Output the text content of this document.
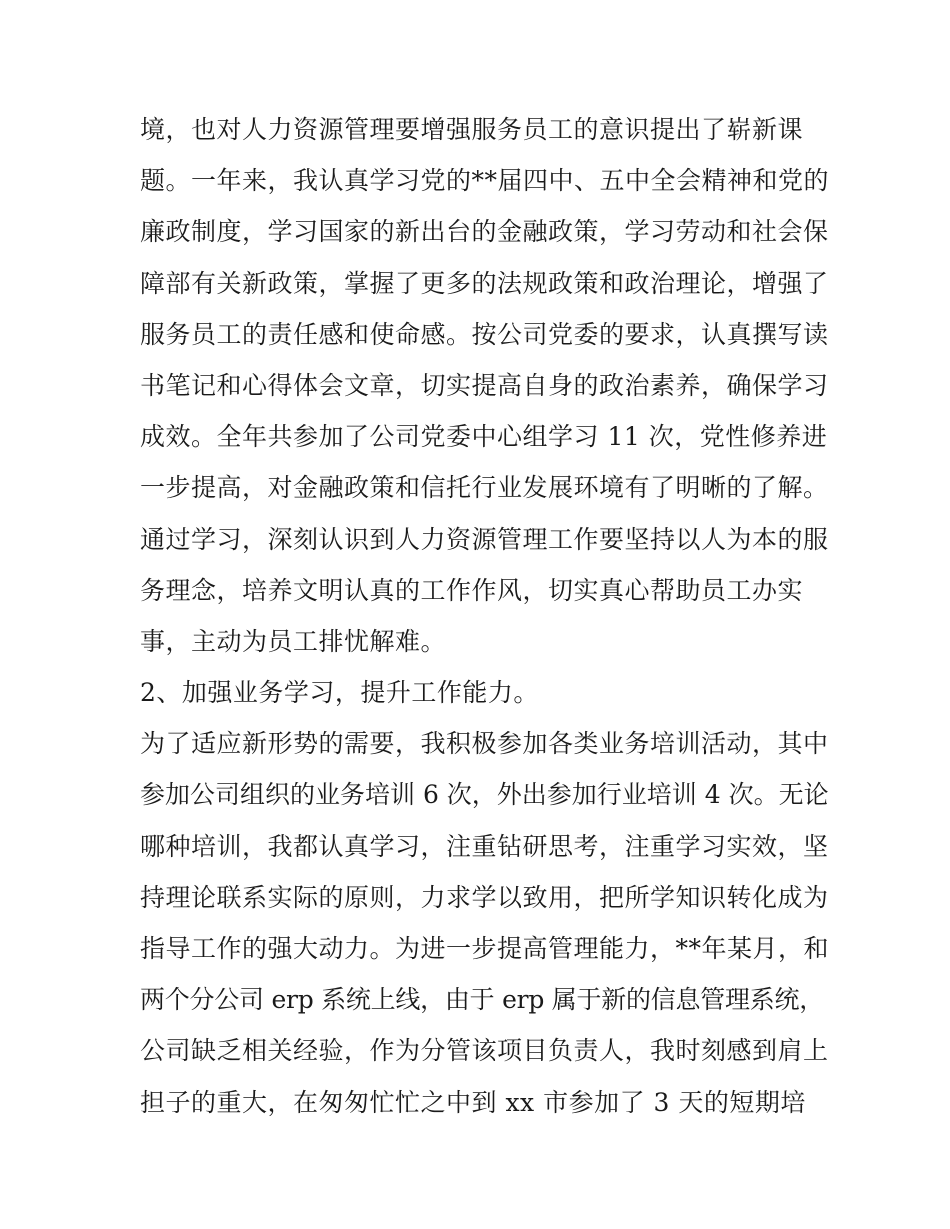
境，也对人力资源管理要增强服务员工的意识提出了崭新课
题。一年来，我认真学习党的**届四中、五中全会精神和党的
廉政制度，学习国家的新出台的金融政策，学习劳动和社会保
障部有关新政策，掌握了更多的法规政策和政治理论，增强了
服务员工的责任感和使命感。按公司党委的要求，认真撰写读
书笔记和心得体会文章，切实提高自身的政治素养，确保学习
成效。全年共参加了公司党委中心组学习 11 次，党性修养进
一步提高，对金融政策和信托行业发展环境有了明晰的了解。
通过学习，深刻认识到人力资源管理工作要坚持以人为本的服
务理念，培养文明认真的工作作风，切实真心帮助员工办实
事，主动为员工排忧解难。
2、加强业务学习，提升工作能力。
为了适应新形势的需要，我积极参加各类业务培训活动，其中
参加公司组织的业务培训 6 次，外出参加行业培训 4 次。无论
哪种培训，我都认真学习，注重钻研思考，注重学习实效，坚
持理论联系实际的原则，力求学以致用，把所学知识转化成为
指导工作的强大动力。为进一步提高管理能力，**年某月，和
两个分公司 erp 系统上线，由于 erp 属于新的信息管理系统，
公司缺乏相关经验，作为分管该项目负责人，我时刻感到肩上
担子的重大，在匆匆忙忙之中到 xx 市参加了 3 天的短期培
